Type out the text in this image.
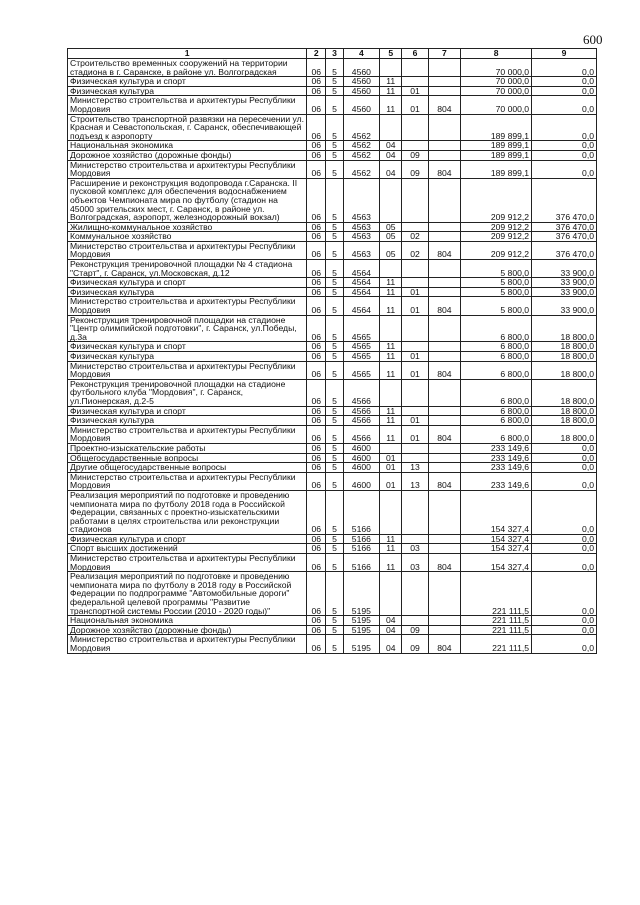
600
1	2	3	4	5	6	7	8	9
Строительство временных сооружений на территории стадиона в г. Саранске, в районе ул. Волгоградская	06	5	4560				70 000,0	0,0
Физическая культура и спорт	06	5	4560	11			70 000,0	0,0
Физическая культура	06	5	4560	11	01		70 000,0	0,0
Министерство строительства и архитектуры Республики Мордовия	06	5	4560	11	01	804	70 000,0	0,0
Строительство транспортной развязки на пересечении ул. Красная и Севастопольская, г. Саранск, обеспечивающей подъезд к аэропорту	06	5	4562				189 899,1	0,0
Национальная экономика	06	5	4562	04			189 899,1	0,0
Дорожное хозяйство (дорожные фонды)	06	5	4562	04	09		189 899,1	0,0
Министерство строительства и архитектуры Республики Мордовия	06	5	4562	04	09	804	189 899,1	0,0
Расширение и реконструкция водопровода г.Саранска. II пусковой комплекс для обеспечения водоснабжением объектов Чемпионата мира по футболу (стадион на 45000 зрительских мест, г. Саранск, в районе ул. Волгоградская, аэропорт, железнодорожный вокзал)	06	5	4563				209 912,2	376 470,0
Жилищно-коммунальное хозяйство	06	5	4563	05			209 912,2	376 470,0
Коммунальное хозяйство	06	5	4563	05	02		209 912,2	376 470,0
Министерство строительства и архитектуры Республики Мордовия	06	5	4563	05	02	804	209 912,2	376 470,0
Реконструкция тренировочной площадки № 4 стадиона "Старт", г. Саранск, ул.Московская, д.12	06	5	4564				5 800,0	33 900,0
Физическая культура и спорт	06	5	4564	11			5 800,0	33 900,0
Физическая культура	06	5	4564	11	01		5 800,0	33 900,0
Министерство строительства и архитектуры Республики Мордовия	06	5	4564	11	01	804	5 800,0	33 900,0
Реконструкция тренировочной площадки на стадионе "Центр олимпийской подготовки", г. Саранск, ул.Победы, д.3а	06	5	4565				6 800,0	18 800,0
Физическая культура и спорт	06	5	4565	11			6 800,0	18 800,0
Физическая культура	06	5	4565	11	01		6 800,0	18 800,0
Министерство строительства и архитектуры Республики Мордовия	06	5	4565	11	01	804	6 800,0	18 800,0
Реконструкция тренировочной площадки на стадионе футбольного клуба "Мордовия", г. Саранск, ул.Пионерская, д.2-5	06	5	4566				6 800,0	18 800,0
Физическая культура и спорт	06	5	4566	11			6 800,0	18 800,0
Физическая культура	06	5	4566	11	01		6 800,0	18 800,0
Министерство строительства и архитектуры Республики Мордовия	06	5	4566	11	01	804	6 800,0	18 800,0
Проектно-изыскательские работы	06	5	4600				233 149,6	0,0
Общегосударственные вопросы	06	5	4600	01			233 149,6	0,0
Другие общегосударственные вопросы	06	5	4600	01	13		233 149,6	0,0
Министерство строительства и архитектуры Республики Мордовия	06	5	4600	01	13	804	233 149,6	0,0
Реализация мероприятий по подготовке и проведению чемпионата мира по футболу 2018 года в Российской Федерации, связанных с проектно-изыскательскими работами в целях строительства или реконструкции стадионов	06	5	5166				154 327,4	0,0
Физическая культура и спорт	06	5	5166	11			154 327,4	0,0
Спорт высших достижений	06	5	5166	11	03		154 327,4	0,0
Министерство строительства и архитектуры Республики Мордовия	06	5	5166	11	03	804	154 327,4	0,0
Реализация мероприятий по подготовке и проведению чемпионата мира по футболу в 2018 году в Российской Федерации по подпрограмме "Автомобильные дороги" федеральной целевой программы "Развитие транспортной системы России (2010 - 2020 годы)"	06	5	5195				221 111,5	0,0
Национальная экономика	06	5	5195	04			221 111,5	0,0
Дорожное хозяйство (дорожные фонды)	06	5	5195	04	09		221 111,5	0,0
Министерство строительства и архитектуры Республики Мордовия	06	5	5195	04	09	804	221 111,5	0,0
